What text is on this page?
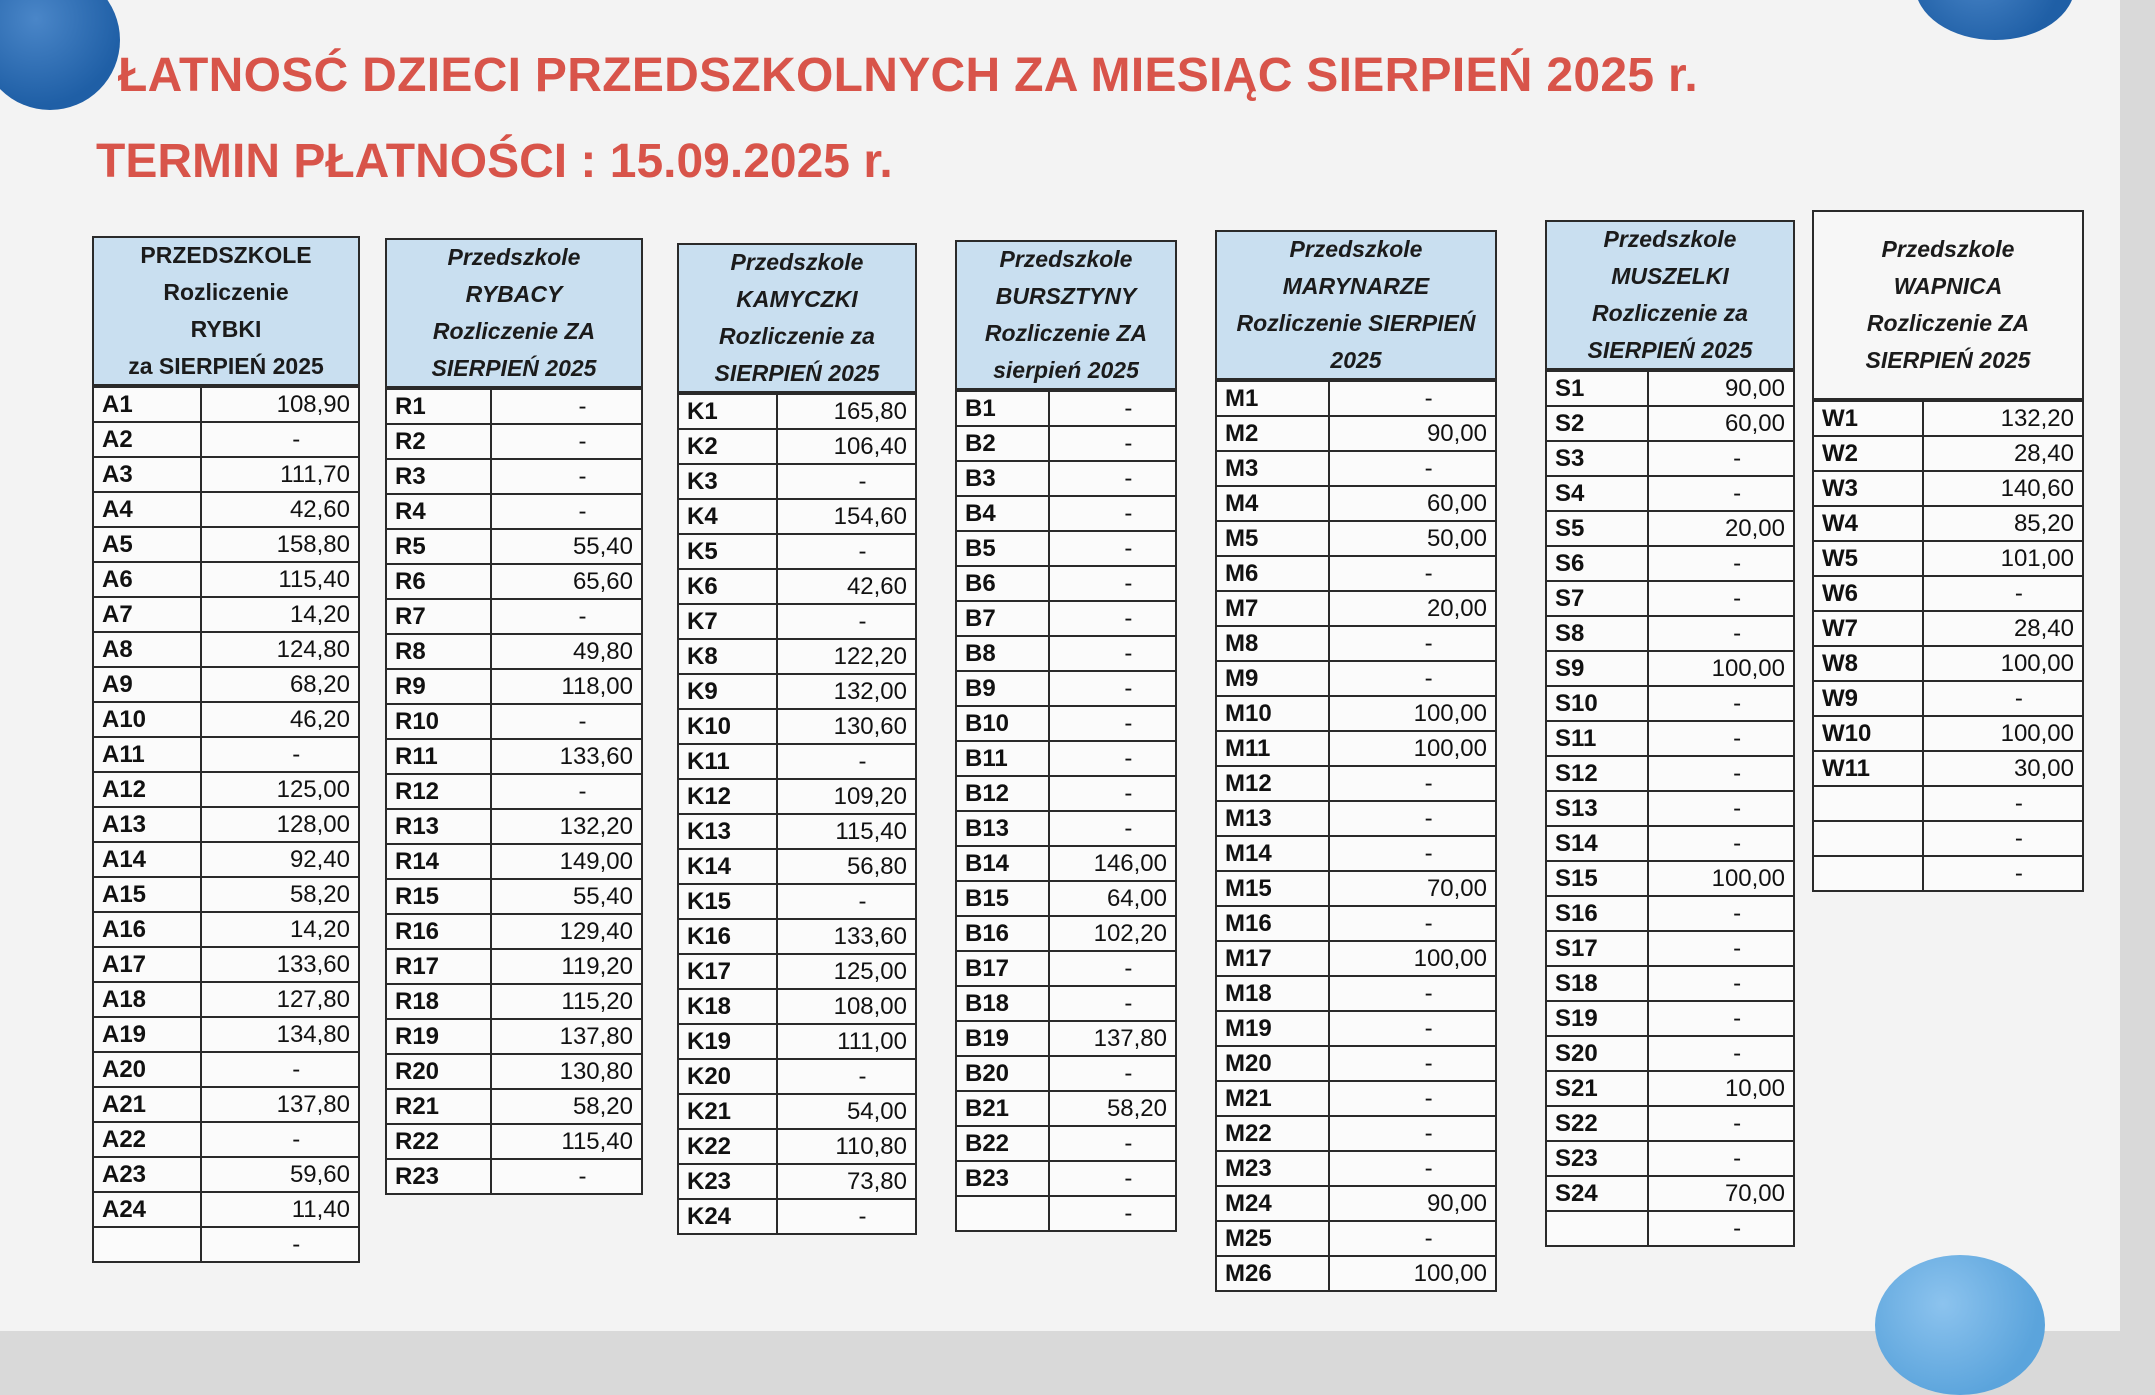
ŁATNOSĆ DZIECI PRZEDSZKOLNYCH ZA MIESIĄC SIERPIEŃ 2025 r.
TERMIN PŁATNOŚCI : 15.09.2025 r.
PRZEDSZKOLE
Rozliczenie
RYBKI
za SIERPIEŃ 2025
A1	108,90
A2	-
A3	111,70
A4	42,60
A5	158,80
A6	115,40
A7	14,20
A8	124,80
A9	68,20
A10	46,20
A11	-
A12	125,00
A13	128,00
A14	92,40
A15	58,20
A16	14,20
A17	133,60
A18	127,80
A19	134,80
A20	-
A21	137,80
A22	-
A23	59,60
A24	11,40
	-
Przedszkole
RYBACY
Rozliczenie ZA
SIERPIEŃ 2025
R1	-
R2	-
R3	-
R4	-
R5	55,40
R6	65,60
R7	-
R8	49,80
R9	118,00
R10	-
R11	133,60
R12	-
R13	132,20
R14	149,00
R15	55,40
R16	129,40
R17	119,20
R18	115,20
R19	137,80
R20	130,80
R21	58,20
R22	115,40
R23	-
Przedszkole
KAMYCZKI
Rozliczenie za
SIERPIEŃ 2025
K1	165,80
K2	106,40
K3	-
K4	154,60
K5	-
K6	42,60
K7	-
K8	122,20
K9	132,00
K10	130,60
K11	-
K12	109,20
K13	115,40
K14	56,80
K15	-
K16	133,60
K17	125,00
K18	108,00
K19	111,00
K20	-
K21	54,00
K22	110,80
K23	73,80
K24	-
Przedszkole
BURSZTYNY
Rozliczenie ZA
sierpień 2025
B1	-
B2	-
B3	-
B4	-
B5	-
B6	-
B7	-
B8	-
B9	-
B10	-
B11	-
B12	-
B13	-
B14	146,00
B15	64,00
B16	102,20
B17	-
B18	-
B19	137,80
B20	-
B21	58,20
B22	-
B23	-
	-
Przedszkole
MARYNARZE
Rozliczenie SIERPIEŃ
2025
M1	-
M2	90,00
M3	-
M4	60,00
M5	50,00
M6	-
M7	20,00
M8	-
M9	-
M10	100,00
M11	100,00
M12	-
M13	-
M14	-
M15	70,00
M16	-
M17	100,00
M18	-
M19	-
M20	-
M21	-
M22	-
M23	-
M24	90,00
M25	-
M26	100,00
Przedszkole
MUSZELKI
Rozliczenie za
SIERPIEŃ 2025
S1	90,00
S2	60,00
S3	-
S4	-
S5	20,00
S6	-
S7	-
S8	-
S9	100,00
S10	-
S11	-
S12	-
S13	-
S14	-
S15	100,00
S16	-
S17	-
S18	-
S19	-
S20	-
S21	10,00
S22	-
S23	-
S24	70,00
	-
Przedszkole
WAPNICA
Rozliczenie ZA
SIERPIEŃ 2025
W1	132,20
W2	28,40
W3	140,60
W4	85,20
W5	101,00
W6	-
W7	28,40
W8	100,00
W9	-
W10	100,00
W11	30,00
	-
	-
	-
